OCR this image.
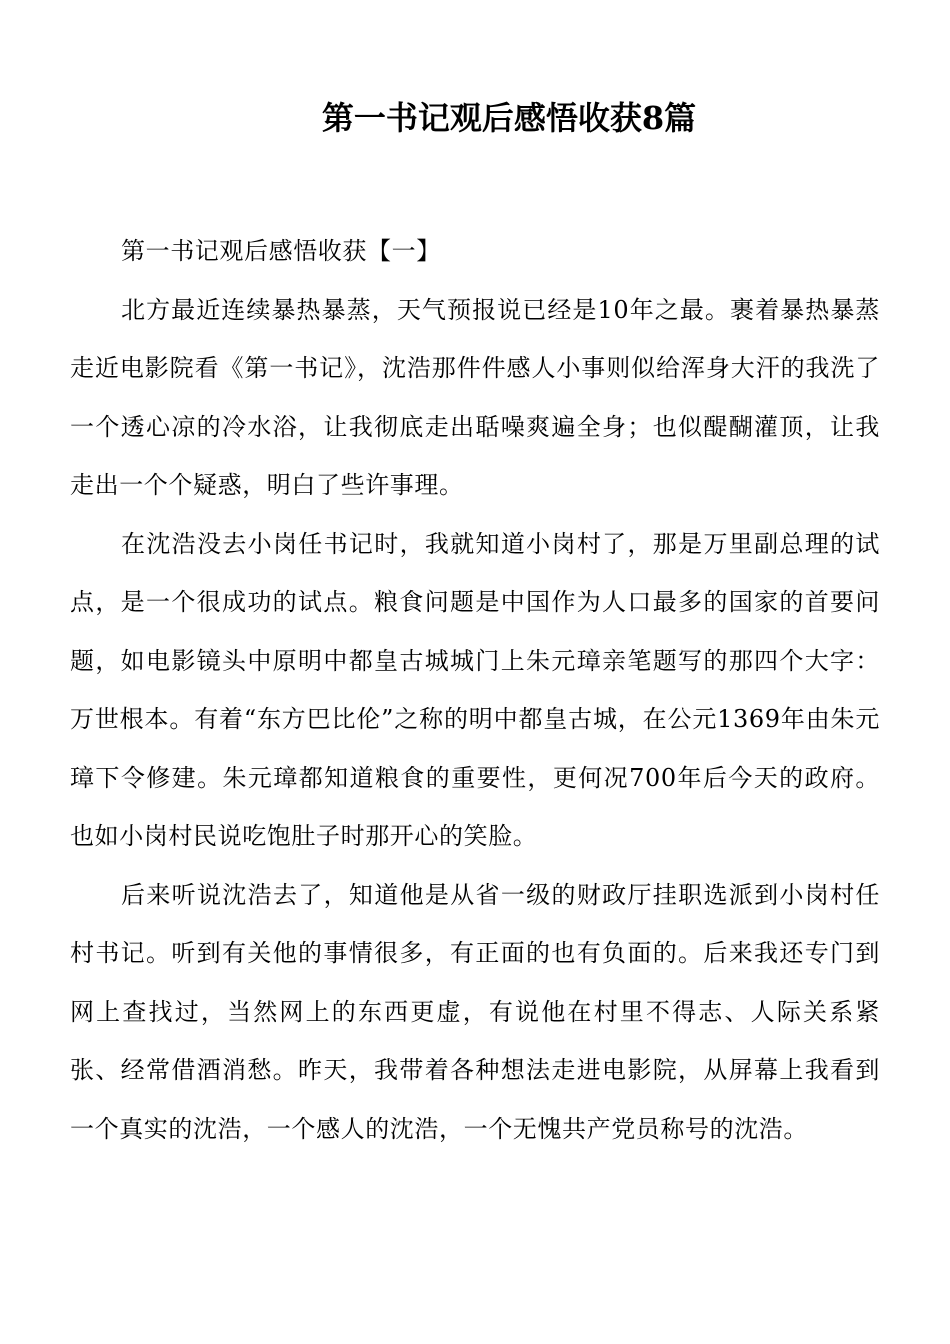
第一书记观后感悟收获8篇

第一书记观后感悟收获【一】

北方最近连续暴热暴蒸，天气预报说已经是10年之最。裹着暴热暴蒸走近电影院看《第一书记》，沈浩那件件感人小事则似给浑身大汗的我洗了一个透心凉的冷水浴，让我彻底走出聒噪爽遍全身；也似醍醐灌顶，让我走出一个个疑惑，明白了些许事理。

在沈浩没去小岗任书记时，我就知道小岗村了，那是万里副总理的试点，是一个很成功的试点。粮食问题是中国作为人口最多的国家的首要问题，如电影镜头中原明中都皇古城城门上朱元璋亲笔题写的那四个大字：万世根本。有着“东方巴比伦”之称的明中都皇古城，在公元1369年由朱元璋下令修建。朱元璋都知道粮食的重要性，更何况700年后今天的政府。也如小岗村民说吃饱肚子时那开心的笑脸。

后来听说沈浩去了，知道他是从省一级的财政厅挂职选派到小岗村任村书记。听到有关他的事情很多，有正面的也有负面的。后来我还专门到网上查找过，当然网上的东西更虚，有说他在村里不得志、人际关系紧张、经常借酒消愁。昨天，我带着各种想法走进电影院，从屏幕上我看到一个真实的沈浩，一个感人的沈浩，一个无愧共产党员称号的沈浩。
